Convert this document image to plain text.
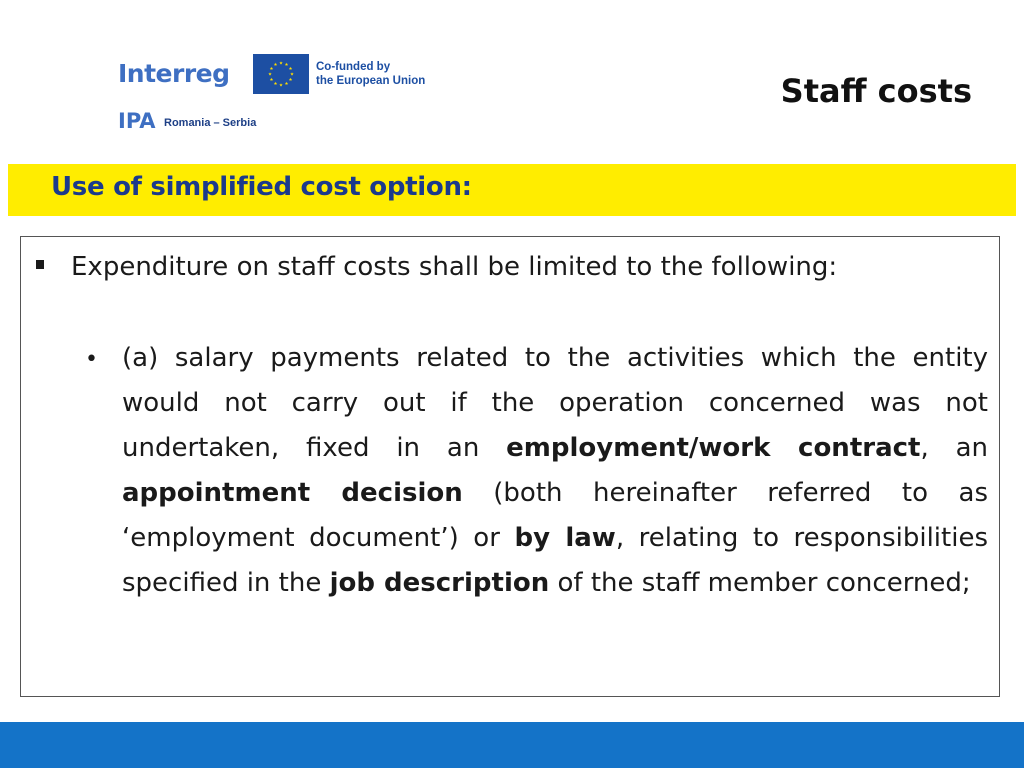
Interreg	Co-funded by
the European Union
IPA Romania – Serbia
Staff costs
Use of simplified cost option:
Expenditure on staff costs shall be limited to the following:
• (a) salary payments related to the activities which the entity would not carry out if the operation concerned was not undertaken, fixed in an employment/work contract, an appointment decision (both hereinafter referred to as ‘employment document’) or by law, relating to responsibilities specified in the job description of the staff member concerned;
